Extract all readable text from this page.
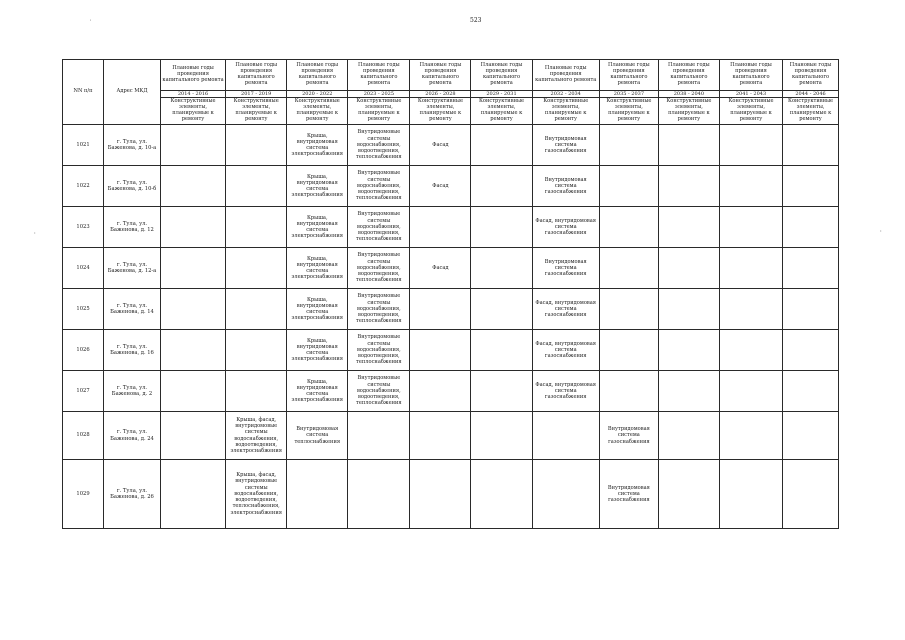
523
'
:	:
NN п/п	Адрес МКД	Плановые годы проведения капитального ремонта	Плановые годы проведения капитального ремонта	Плановые годы проведения капитального ремонта	Плановые годы проведения капитального ремонта	Плановые годы проведения капитального ремонта	Плановые годы проведения капитального ремонта	Плановые годы проведения капитального ремонта	Плановые годы проведения капитального ремонта	Плановые годы проведения капитального ремонта	Плановые годы проведения капитального ремонта	Плановые годы проведения капитального ремонта
		2014 - 2016	2017 - 2019	2020 - 2022	2023 - 2025	2026 - 2028	2029 - 2031	2032 - 2034	2035 - 2037	2038 - 2040	2041 - 2043	2044 - 2046
		Конструктивные элементы, планируемые к ремонту	Конструктивные элементы, планируемые к ремонту	Конструктивные элементы, планируемые к ремонту	Конструктивные элементы, планируемые к ремонту	Конструктивные элементы, планируемые к ремонту	Конструктивные элементы, планируемые к ремонту	Конструктивные элементы, планируемые к ремонту	Конструктивные элементы, планируемые к ремонту	Конструктивные элементы, планируемые к ремонту	Конструктивные элементы, планируемые к ремонту	Конструктивные элементы, планируемые к ремонту
1021	г. Тула, ул. Баженова, д. 10-а			Крыша, внутридомовая система электроснабжения	Внутридомовые системы водоснабжения, водоотведения, теплоснабжения	Фасад		Внутридомовая система газоснабжения				
1022	г. Тула, ул. Баженова, д. 10-б			Крыша, внутридомовая система электроснабжения	Внутридомовые системы водоснабжения, водоотведения, теплоснабжения	Фасад		Внутридомовая система газоснабжения				
1023	г. Тула, ул. Баженова, д. 12			Крыша, внутридомовая система электроснабжения	Внутридомовые системы водоснабжения, водоотведения, теплоснабжения			Фасад, внутридомовая система газоснабжения				
1024	г. Тула, ул. Баженова, д. 12-а			Крыша, внутридомовая система электроснабжения	Внутридомовые системы водоснабжения, водоотведения, теплоснабжения	Фасад		Внутридомовая система газоснабжения				
1025	г. Тула, ул. Баженова, д. 14			Крыша, внутридомовая система электроснабжения	Внутридомовые системы водоснабжения, водоотведения, теплоснабжения			Фасад, внутридомовая система газоснабжения				
1026	г. Тула, ул. Баженова, д. 16			Крыша, внутридомовая система электроснабжения	Внутридомовые системы водоснабжения, водоотведения, теплоснабжения			Фасад, внутридомовая система газоснабжения				
1027	г. Тула, ул. Баженова, д. 2			Крыша, внутридомовая система электроснабжения	Внутридомовые системы водоснабжения, водоотведения, теплоснабжения			Фасад, внутридомовая система газоснабжения				
1028	г. Тула, ул. Баженова, д. 24		Крыша, фасад, внутридомовые системы водоснабжения, водоотведения, электроснабжения	Внутридомовая система теплоснабжения					Внутридомовая система газоснабжения			
1029	г. Тула, ул. Баженова, д. 26		Крыша, фасад, внутридомовые системы водоснабжения, водоотведения, теплоснабжения, электроснабжения						Внутридомовая система газоснабжения			
